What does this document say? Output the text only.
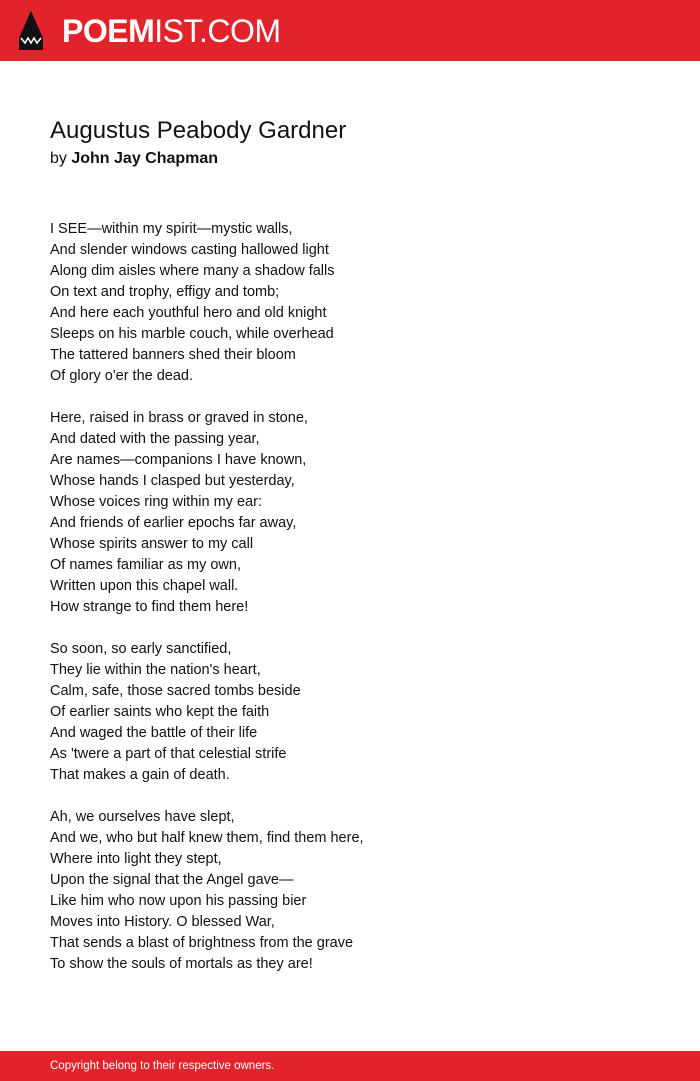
POEMIST.COM
Augustus Peabody Gardner
by John Jay Chapman
I SEE—within my spirit—mystic walls,
And slender windows casting hallowed light
Along dim aisles where many a shadow falls
On text and trophy, effigy and tomb;
And here each youthful hero and old knight
Sleeps on his marble couch, while overhead
The tattered banners shed their bloom
Of glory o'er the dead.
Here, raised in brass or graved in stone,
And dated with the passing year,
Are names—companions I have known,
Whose hands I clasped but yesterday,
Whose voices ring within my ear:
And friends of earlier epochs far away,
Whose spirits answer to my call
Of names familiar as my own,
Written upon this chapel wall.
How strange to find them here!
So soon, so early sanctified,
They lie within the nation's heart,
Calm, safe, those sacred tombs beside
Of earlier saints who kept the faith
And waged the battle of their life
As 'twere a part of that celestial strife
That makes a gain of death.
Ah, we ourselves have slept,
And we, who but half knew them, find them here,
Where into light they stept,
Upon the signal that the Angel gave—
Like him who now upon his passing bier
Moves into History. O blessed War,
That sends a blast of brightness from the grave
To show the souls of mortals as they are!
Copyright belong to their respective owners.
